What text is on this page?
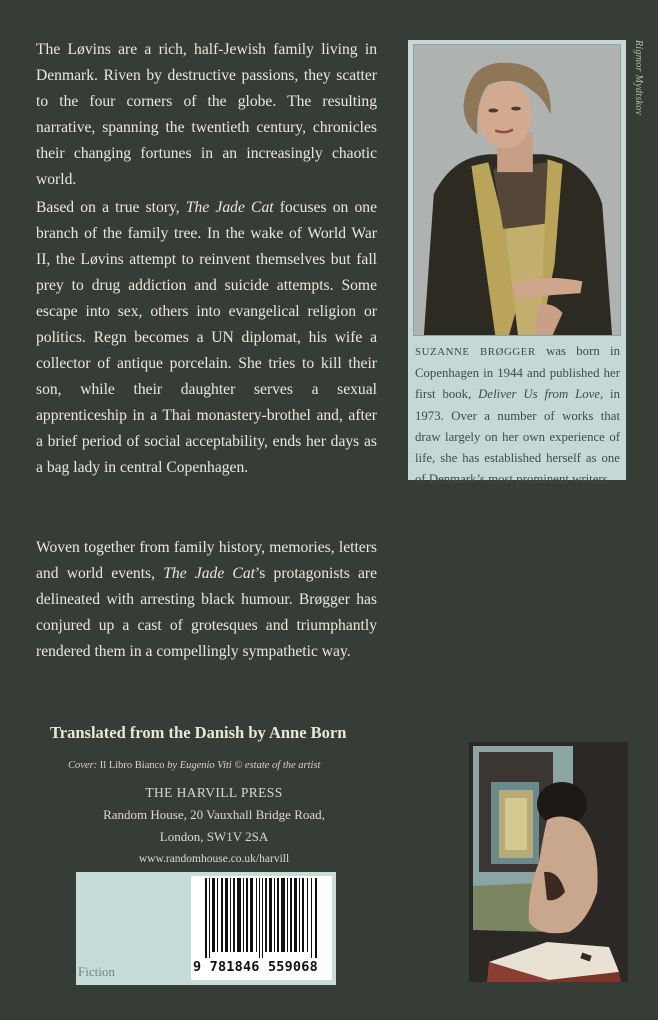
The Løvins are a rich, half-Jewish family living in Denmark. Riven by destructive passions, they scatter to the four corners of the globe. The resulting narrative, spanning the twentieth century, chronicles their changing fortunes in an increasingly chaotic world.

Based on a true story, The Jade Cat focuses on one branch of the family tree. In the wake of World War II, the Løvins attempt to reinvent themselves but fall prey to drug addiction and suicide attempts. Some escape into sex, others into evangelical religion or politics. Regn becomes a UN diplomat, his wife a collector of antique porcelain. She tries to kill their son, while their daughter serves a sexual apprenticeship in a Thai monastery-brothel and, after a brief period of social acceptability, ends her days as a bag lady in central Copenhagen.

Woven together from family history, memories, letters and world events, The Jade Cat’s protagonists are delineated with arresting black humour. Brøgger has conjured up a cast of grotesques and triumphantly rendered them in a compellingly sympathetic way.

SUZANNE BRØGGER was born in Copenhagen in 1944 and published her first book, Deliver Us from Love, in 1973. Over a number of works that draw largely on her own experience of life, she has established herself as one of Denmark’s most prominent writers.
Rigmor Mydtskov
Translated from the Danish by Anne Born
Cover: Il Libro Bianco by Eugenio Viti © estate of the artist
THE HARVILL PRESS
Random House, 20 Vauxhall Bridge Road,
London, SW1V 2SA
www.randomhouse.co.uk/harvill
Fiction	9 781846 559068
